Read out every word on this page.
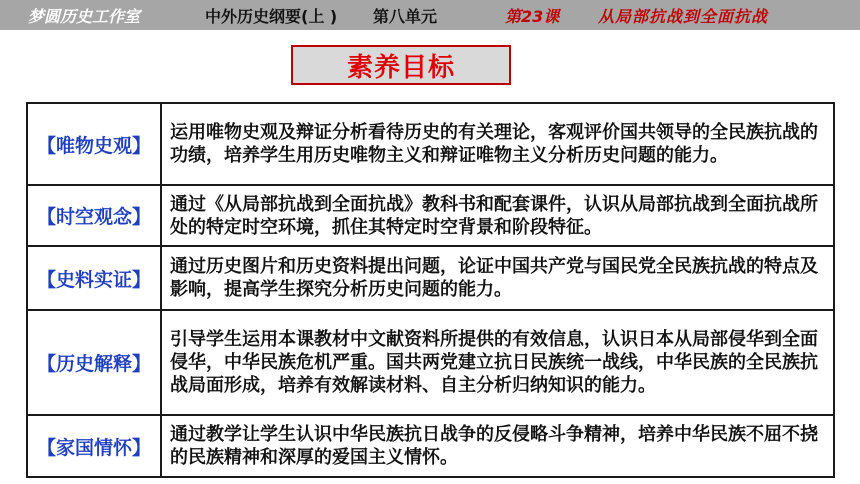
梦圆历史工作室	中外历史纲要(上 ) 第八单元	第23课 从局部抗战到全面抗战
素养目标
【唯物史观】	运用唯物史观及辩证分析看待历史的有关理论，客观评价国共领导的全民族抗战的功绩，培养学生用历史唯物主义和辩证唯物主义分析历史问题的能力。
【时空观念】	通过《从局部抗战到全面抗战》教科书和配套课件，认识从局部抗战到全面抗战所处的特定时空环境，抓住其特定时空背景和阶段特征。
【史料实证】	通过历史图片和历史资料提出问题，论证中国共产党与国民党全民族抗战的特点及影响，提高学生探究分析历史问题的能力。
【历史解释】	引导学生运用本课教材中文献资料所提供的有效信息，认识日本从局部侵华到全面侵华，中华民族危机严重。国共两党建立抗日民族统一战线，中华民族的全民族抗战局面形成，培养有效解读材料、自主分析归纳知识的能力。
【家国情怀】	通过教学让学生认识中华民族抗日战争的反侵略斗争精神，培养中华民族不屈不挠的民族精神和深厚的爱国主义情怀。
